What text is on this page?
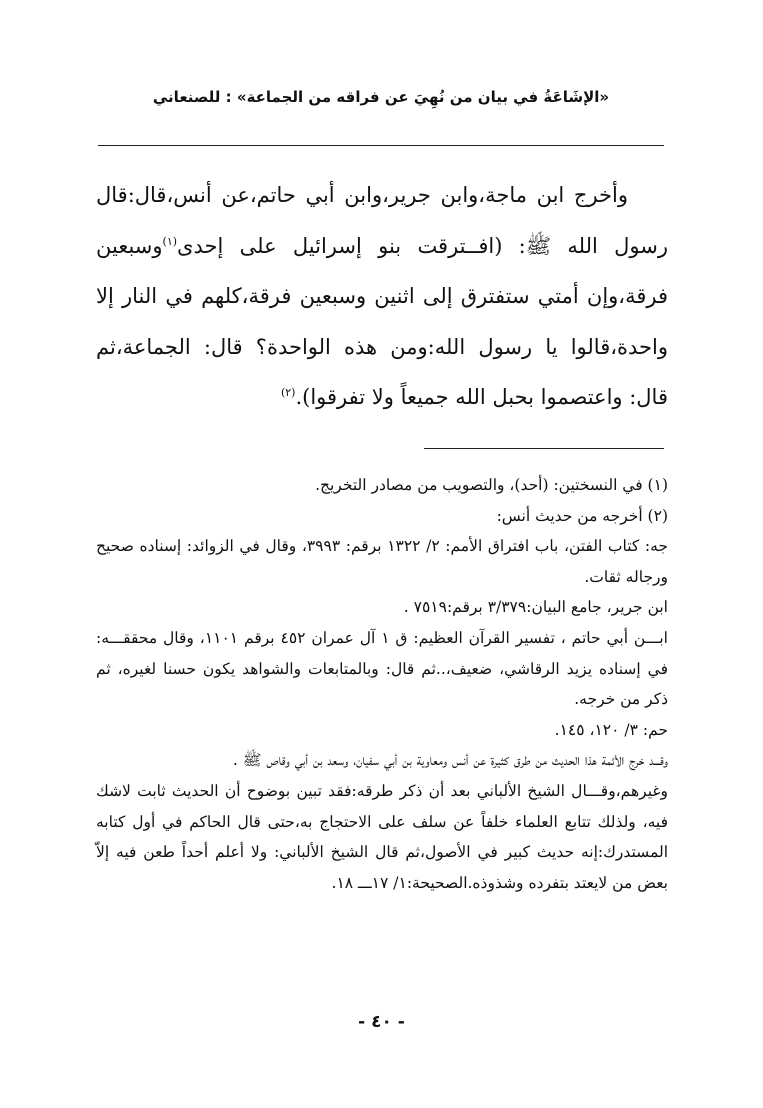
«الإشَاعَةُ في بيان من نُهِيَ عن فراقه من الجماعة» : للصنعاني

وأخرج ابن ماجة،وابن جرير،وابن أبي حاتم،عن أنس،قال:قال رسول الله ﷺ: (افــترقت بنو إسرائيل على إحدى$^{(١)}$وسبعين فرقة،وإن أمتي ستفترق إلى اثنين وسبعين فرقة،كلهم في النار إلا واحدة،قالوا يا رسول الله:ومن هذه الواحدة؟ قال: الجماعة،ثم قال: واعتصموا بحبل الله جميعاً ولا تفرقوا).$^{(٢)}$

(١) في النسختين: (أحد)، والتصويب من مصادر التخريج.

(٢) أخرجه من حديث أنس:

جه: كتاب الفتن، باب افتراق الأمم: ٢/ ١٣٢٢ برقم: ٣٩٩٣، وقال في الزوائد: إسناده صحيح ورجاله ثقات.

ابن جرير، جامع البيان:٣/٣٧٩ برقم:٧٥١٩ .

ابـــن أبي حاتم ، تفسير القرآن العظيم: ق ١ آل عمران ٤٥٢ برقم ١١٠١، وقال محققـــه: في إسناده يزيد الرقاشي، ضعيف،..ثم قال: وبالمتابعات والشواهد يكون حسنا لغيره، ثم ذكر من خرجه.

حم: ٣/ ١٢٠، ١٤٥.

وقـــد خرج الأئمة هذا الحديث من طرق كثيرة عن أنس ومعاوية بن أبي سفيان، وسعد بن أبي وقاص ﷺ .

وغيرهم،وقـــال الشيخ الألباني بعد أن ذكر طرقه:فقد تبين بوضوح أن الحديث ثابت لاشك فيه، ولذلك تتابع العلماء خلفاً عن سلف على الاحتجاج به،حتى قال الحاكم في أول كتابه المستدرك:إنه حديث كبير في الأصول،ثم قال الشيخ الألباني: ولا أعلم أحداً طعن فيه إلاّ بعض من لايعتد بتفرده وشذوذه.الصحيحة:١/ ١٧ـــ ١٨.

- ٤٠ -
